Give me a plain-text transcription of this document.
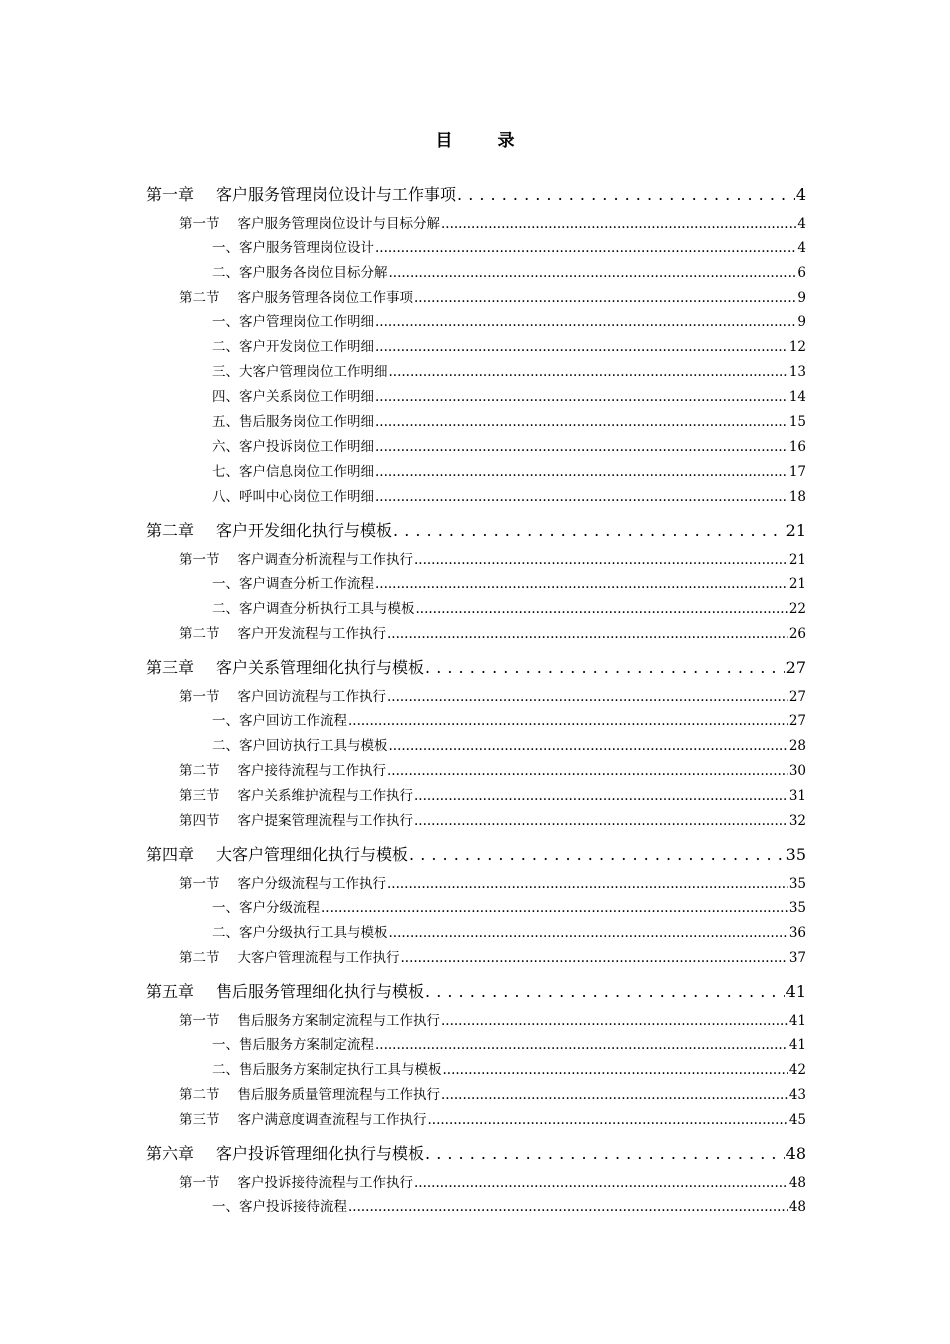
目　录
第一章 客户服务管理岗位设计与工作事项 . . .	4
第一节 客户服务管理岗位设计与目标分解 .....	4
一、客户服务管理岗位设计 .....	4
二、客户服务各岗位目标分解 .....	6
第二节 客户服务管理各岗位工作事项 .....	9
一、客户管理岗位工作明细 .....	9
二、客户开发岗位工作明细 .....	12
三、大客户管理岗位工作明细 .....	13
四、客户关系岗位工作明细 .....	14
五、售后服务岗位工作明细 .....	15
六、客户投诉岗位工作明细 .....	16
七、客户信息岗位工作明细 .....	17
八、呼叫中心岗位工作明细 .....	18
第二章 客户开发细化执行与模板 . . .	21
第一节 客户调查分析流程与工作执行 .....	21
一、客户调查分析工作流程 .....	21
二、客户调查分析执行工具与模板 .....	22
第二节 客户开发流程与工作执行 .....	26
第三章 客户关系管理细化执行与模板 . . .	27
第一节 客户回访流程与工作执行 .....	27
一、客户回访工作流程 .....	27
二、客户回访执行工具与模板 .....	28
第二节 客户接待流程与工作执行 .....	30
第三节 客户关系维护流程与工作执行 .....	31
第四节 客户提案管理流程与工作执行 .....	32
第四章 大客户管理细化执行与模板 . . .	35
第一节 客户分级流程与工作执行 .....	35
一、客户分级流程 .....	35
二、客户分级执行工具与模板 .....	36
第二节 大客户管理流程与工作执行 .....	37
第五章 售后服务管理细化执行与模板 . . .	41
第一节 售后服务方案制定流程与工作执行 .....	41
一、售后服务方案制定流程 .....	41
二、售后服务方案制定执行工具与模板 .....	42
第二节 售后服务质量管理流程与工作执行 .....	43
第三节 客户满意度调查流程与工作执行 .....	45
第六章 客户投诉管理细化执行与模板 . . .	48
第一节 客户投诉接待流程与工作执行 .....	48
一、客户投诉接待流程 .....	48
